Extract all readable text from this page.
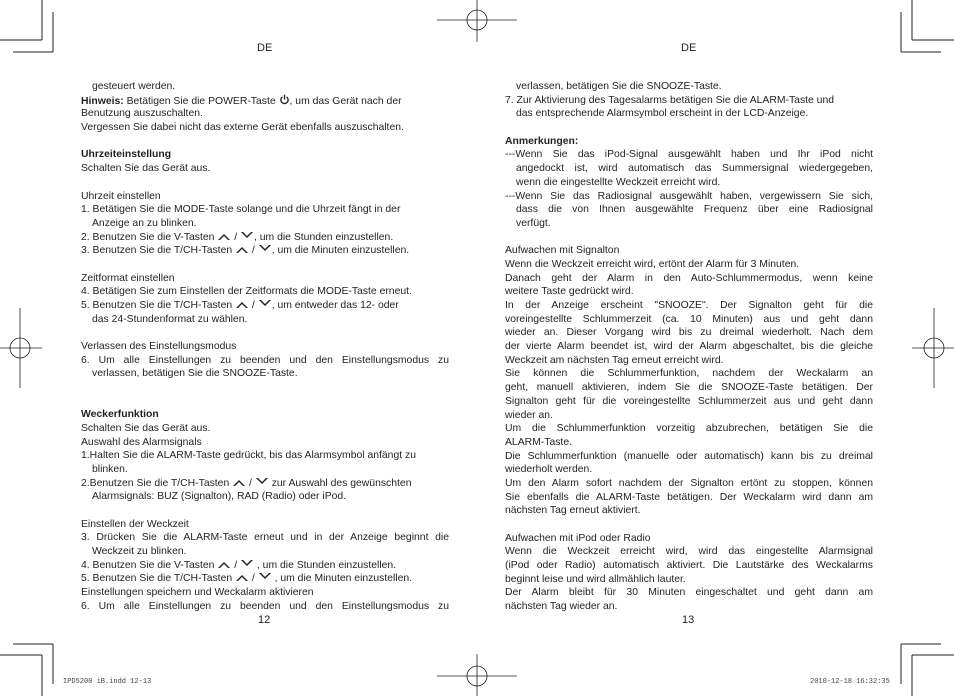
DE	DE
gesteuert werden.
Hinweis: Betätigen Sie die POWER-Taste , um das Gerät nach der
Benutzung auszuschalten.
Vergessen Sie dabei nicht das externe Gerät ebenfalls auszuschalten.
Uhrzeiteinstellung
Schalten Sie das Gerät aus.
Uhrzeit einstellen
1. Betätigen Sie die MODE-Taste solange und die Uhrzeit fängt in der
Anzeige an zu blinken.
2. Benutzen Sie die V-Tasten  / , um die Stunden einzustellen.
3. Benutzen Sie die T/CH-Tasten  / , um die Minuten einzustellen.
Zeitformat einstellen
4. Betätigen Sie zum Einstellen der Zeitformats die MODE-Taste erneut.
5. Benutzen Sie die T/CH-Tasten  / , um entweder das 12- oder
das 24-Stundenformat zu wählen.
Verlassen des Einstellungsmodus
6. Um alle Einstellungen zu beenden und den Einstellungsmodus zu
verlassen, betätigen Sie die SNOOZE-Taste.
Weckerfunktion
Schalten Sie das Gerät aus.
Auswahl des Alarmsignals
1.Halten Sie die ALARM-Taste gedrückt, bis das Alarmsymbol anfängt zu
blinken.
2.Benutzen Sie die T/CH-Tasten  /  zur Auswahl des gewünschten
Alarmsignals: BUZ (Signalton), RAD (Radio) oder iPod.
Einstellen der Weckzeit
3. Drücken Sie die ALARM-Taste erneut und in der Anzeige beginnt die
Weckzeit zu blinken.
4. Benutzen Sie die V-Tasten  /  , um die Stunden einzustellen.
5. Benutzen Sie die T/CH-Tasten  /  , um die Minuten einzustellen.
Einstellungen speichern und Weckalarm aktivieren
6. Um alle Einstellungen zu beenden und den Einstellungsmodus zu
verlassen, betätigen Sie die SNOOZE-Taste.
7. Zur Aktivierung des Tagesalarms betätigen Sie die ALARM-Taste und
das entsprechende Alarmsymbol erscheint in der LCD-Anzeige.
Anmerkungen:
---Wenn Sie das iPod-Signal ausgewählt haben und Ihr iPod nicht
angedockt ist, wird automatisch das Summersignal wiedergegeben,
wenn die eingestellte Weckzeit erreicht wird.
---Wenn Sie das Radiosignal ausgewählt haben, vergewissern Sie sich,
dass die von Ihnen ausgewählte Frequenz über eine Radiosignal
verfügt.
Aufwachen mit Signalton
Wenn die Weckzeit erreicht wird, ertönt der Alarm für 3 Minuten.
Danach geht der Alarm in den Auto-Schlummermodus, wenn keine
weitere Taste gedrückt wird.
In der Anzeige erscheint "SNOOZE". Der Signalton geht für die
voreingestellte Schlummerzeit (ca. 10 Minuten) aus und geht dann
wieder an. Dieser Vorgang wird bis zu dreimal wiederholt. Nach dem
der vierte Alarm beendet ist, wird der Alarm abgeschaltet, bis die gleiche
Weckzeit am nächsten Tag erneut erreicht wird.
Sie können die Schlummerfunktion, nachdem der Weckalarm an
geht, manuell aktivieren, indem Sie die SNOOZE-Taste betätigen. Der
Signalton geht für die voreingestellte Schlummerzeit aus und geht dann
wieder an.
Um die Schlummerfunktion vorzeitig abzubrechen, betätigen Sie die
ALARM-Taste.
Die Schlummerfunktion (manuelle oder automatisch) kann bis zu dreimal
wiederholt werden.
Um den Alarm sofort nachdem der Signalton ertönt zu stoppen, können
Sie ebenfalls die ALARM-Taste betätigen. Der Weckalarm wird dann am
nächsten Tag erneut aktiviert.
Aufwachen mit iPod oder Radio
Wenn die Weckzeit erreicht wird, wird das eingestellte Alarmsignal
(iPod oder Radio) automatisch aktiviert. Die Lautstärke des Weckalarms
beginnt leise und wird allmählich lauter.
Der Alarm bleibt für 30 Minuten eingeschaltet und geht dann am
nächsten Tag wieder an.
12	13
IPD5200 iB.indd 12-13	2010-12-18 16:32:35
